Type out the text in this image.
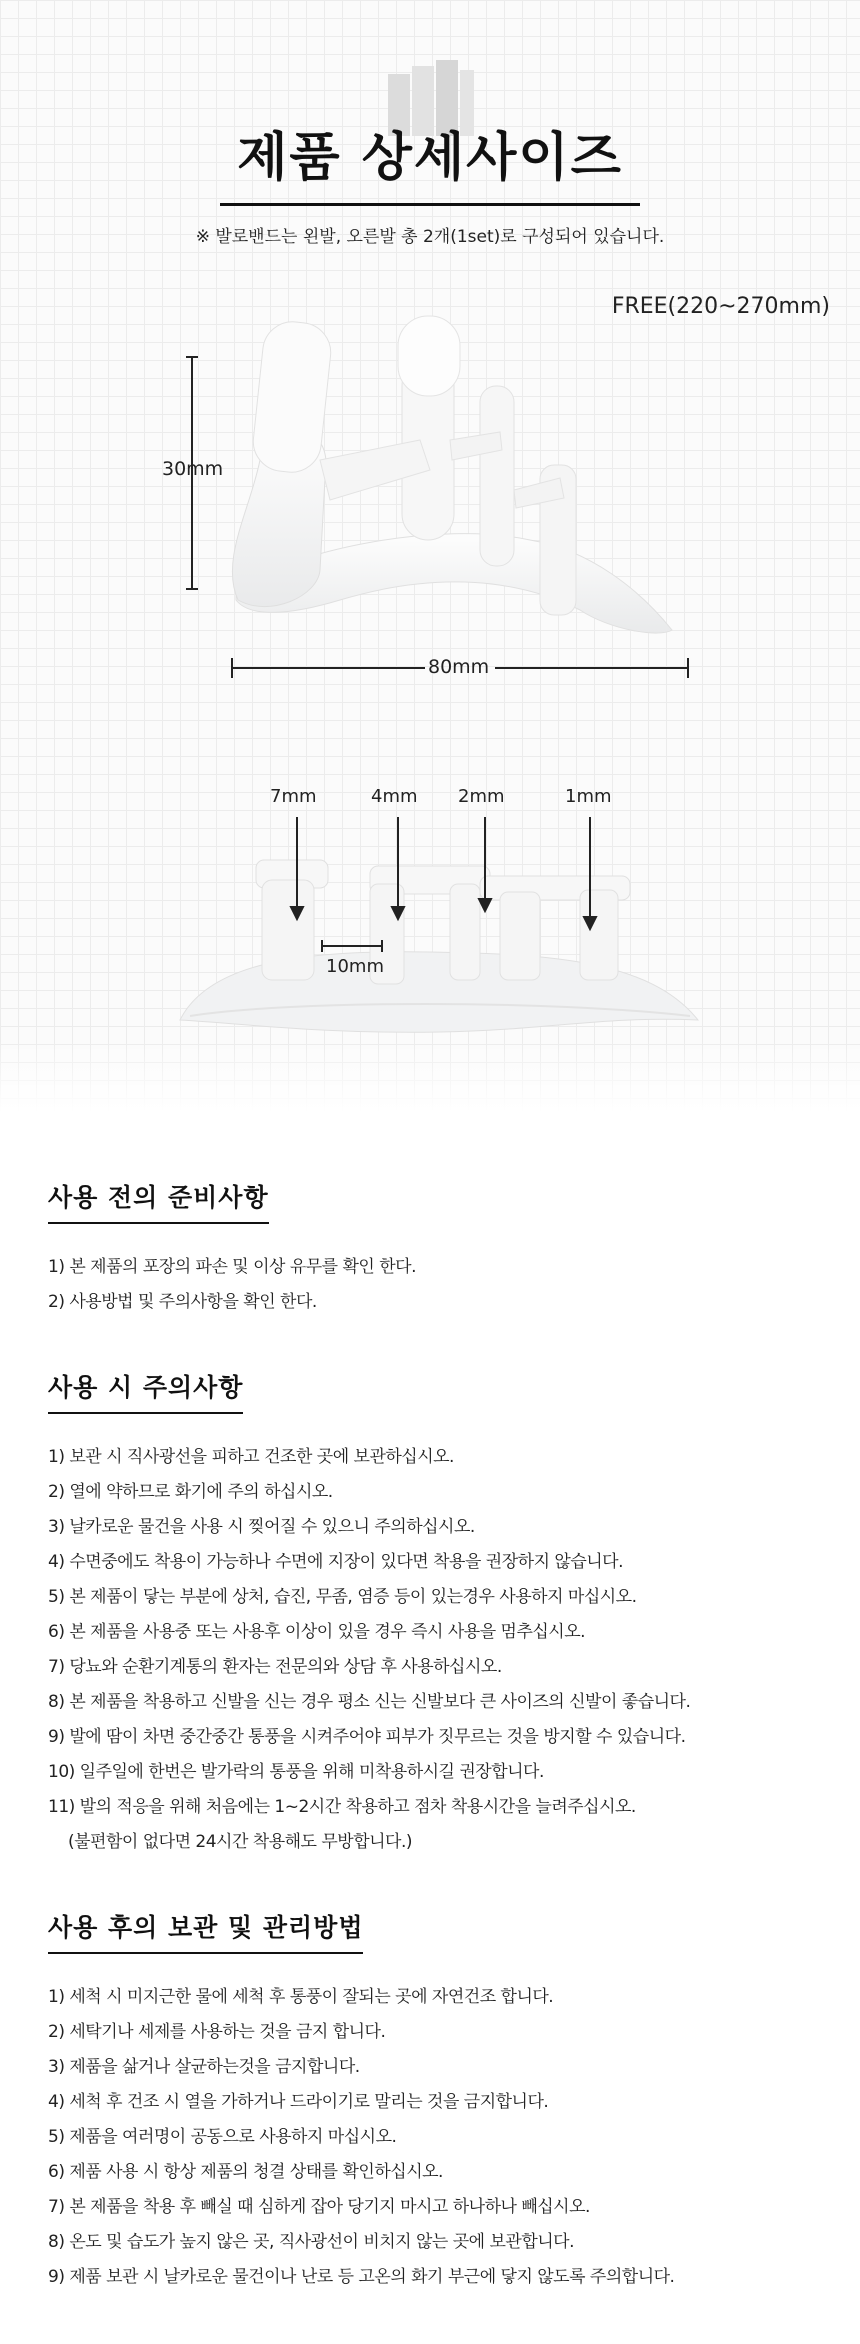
제품 상세사이즈
※ 발로밴드는 왼발, 오른발 총 2개(1set)로 구성되어 있습니다.
FREE(220~270mm)
30mm
80mm
7mm	4mm 2mm	1mm
10mm
사용 전의 준비사항
1) 본 제품의 포장의 파손 및 이상 유무를 확인 한다.
2) 사용방법 및 주의사항을 확인 한다.
사용 시 주의사항
1) 보관 시 직사광선을 피하고 건조한 곳에 보관하십시오.
2) 열에 약하므로 화기에 주의 하십시오.
3) 날카로운 물건을 사용 시 찢어질 수 있으니 주의하십시오.
4) 수면중에도 착용이 가능하나 수면에 지장이 있다면 착용을 권장하지 않습니다.
5) 본 제품이 닿는 부분에 상처, 습진, 무좀, 염증 등이 있는경우 사용하지 마십시오.
6) 본 제품을 사용중 또는 사용후 이상이 있을 경우 즉시 사용을 멈추십시오.
7) 당뇨와 순환기계통의 환자는 전문의와 상담 후 사용하십시오.
8) 본 제품을 착용하고 신발을 신는 경우 평소 신는 신발보다 큰 사이즈의 신발이 좋습니다.
9) 발에 땀이 차면 중간중간 통풍을 시켜주어야 피부가 짓무르는 것을 방지할 수 있습니다.
10) 일주일에 한번은 발가락의 통풍을 위해 미착용하시길 권장합니다.
11) 발의 적응을 위해 처음에는 1~2시간 착용하고 점차 착용시간을 늘려주십시오.
(불편함이 없다면 24시간 착용해도 무방합니다.)
사용 후의 보관 및 관리방법
1) 세척 시 미지근한 물에 세척 후 통풍이 잘되는 곳에 자연건조 합니다.
2) 세탁기나 세제를 사용하는 것을 금지 합니다.
3) 제품을 삶거나 살균하는것을 금지합니다.
4) 세척 후 건조 시 열을 가하거나 드라이기로 말리는 것을 금지합니다.
5) 제품을 여러명이 공동으로 사용하지 마십시오.
6) 제품 사용 시 항상 제품의 청결 상태를 확인하십시오.
7) 본 제품을 착용 후 빼실 때 심하게 잡아 당기지 마시고 하나하나 빼십시오.
8) 온도 및 습도가 높지 않은 곳, 직사광선이 비치지 않는 곳에 보관합니다.
9) 제품 보관 시 날카로운 물건이나 난로 등 고온의 화기 부근에 닿지 않도록 주의합니다.
